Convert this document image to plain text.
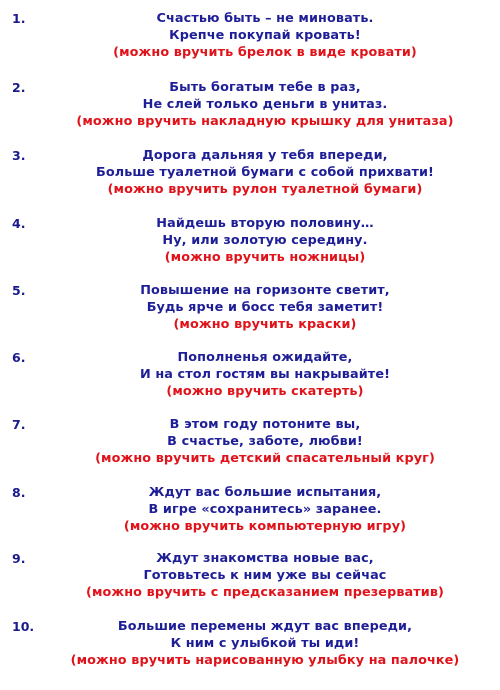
1.	Счастью быть – не миновать.
Крепче покупай кровать!
(можно вручить брелок в виде кровати)
2.	Быть богатым тебе в раз,
Не слей только деньги в унитаз.
(можно вручить накладную крышку для унитаза)
3.	Дорога дальняя у тебя впереди,
Больше туалетной бумаги с собой прихвати!
(можно вручить рулон туалетной бумаги)
4.	Найдешь вторую половину…
Ну, или золотую середину.
(можно вручить ножницы)
5.	Повышение на горизонте светит,
Будь ярче и босс тебя заметит!
(можно вручить краски)
6.	Пополненья ожидайте,
И на стол гостям вы накрывайте!
(можно вручить скатерть)
7.	В этом году потоните вы,
В счастье, заботе, любви!
(можно вручить детский спасательный круг)
8.	Ждут вас большие испытания,
В игре «сохранитесь» заранее.
(можно вручить компьютерную игру)
9.	Ждут знакомства новые вас,
Готовьтесь к ним уже вы сейчас
(можно вручить с предсказанием презерватив)
10.	Большие перемены ждут вас впереди,
К ним с улыбкой ты иди!
(можно вручить нарисованную улыбку на палочке)
